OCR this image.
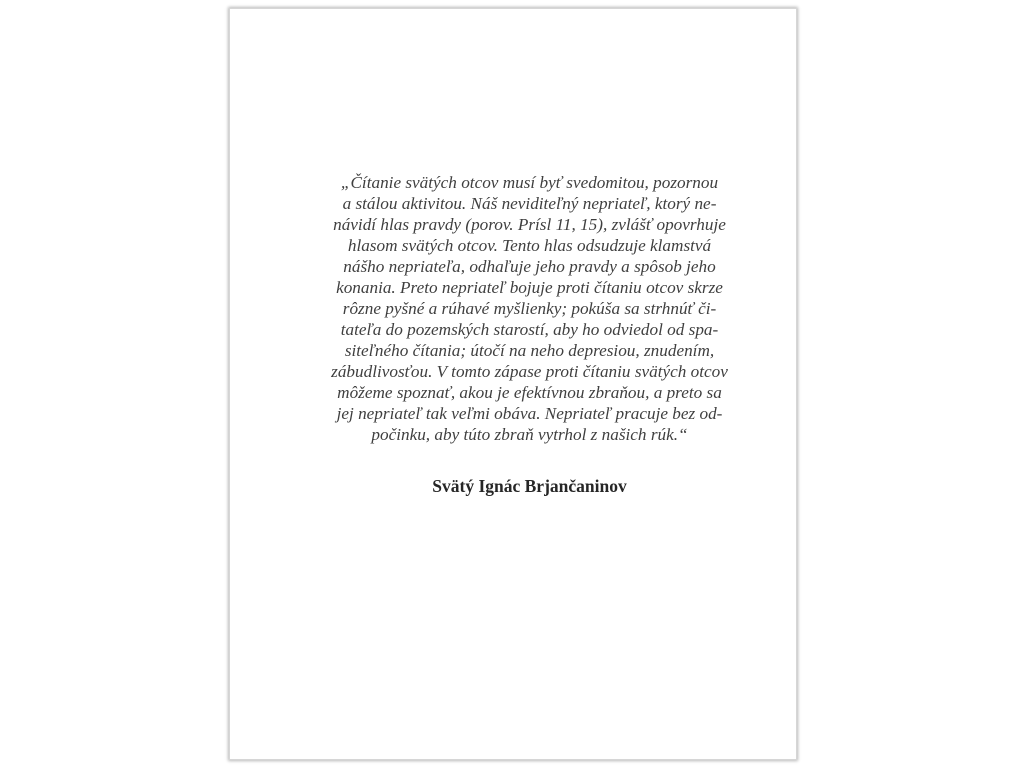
„Čítanie svätých otcov musí byť svedomitou, pozornou
a stálou aktivitou. Náš neviditeľný nepriateľ, ktorý ne-
návidí hlas pravdy (porov. Prísl 11, 15), zvlášť opovrhuje
hlasom svätých otcov. Tento hlas odsudzuje klamstvá
nášho nepriateľa, odhaľuje jeho pravdy a spôsob jeho
konania. Preto nepriateľ bojuje proti čítaniu otcov skrze
rôzne pyšné a rúhavé myšlienky; pokúša sa strhnúť či-
tateľa do pozemských starostí, aby ho odviedol od spa-
siteľného čítania; útočí na neho depresiou, znudením,
zábudlivosťou. V tomto zápase proti čítaniu svätých otcov
môžeme spoznať, akou je efektívnou zbraňou, a preto sa
jej nepriateľ tak veľmi obáva. Nepriateľ pracuje bez od-
počinku, aby túto zbraň vytrhol z našich rúk.“

Svätý Ignác Brjančaninov
